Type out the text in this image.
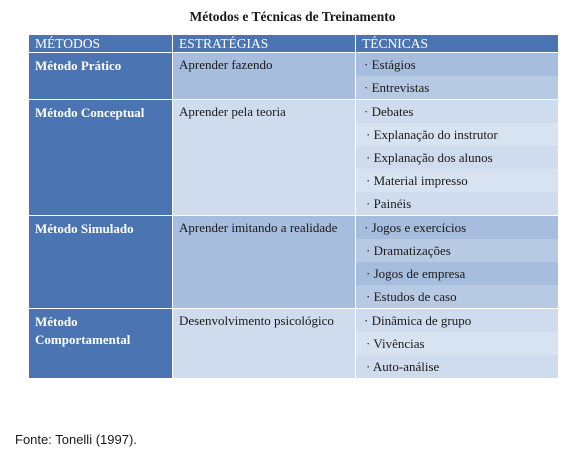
Métodos e Técnicas de Treinamento
MÉTODOS	ESTRATÉGIAS	TÉCNICAS
Método Prático	Aprender fazendo	· Estágios
· Entrevistas

Método Conceptual	Aprender pela teoria	· Debates
· Explanação do instrutor
· Explanação dos alunos
· Material impresso
· Painéis

Método Simulado	Aprender imitando a realidade	· Jogos e exercícios
· Dramatizações
· Jogos de empresa
· Estudos de caso

Método Comportamental	Desenvolvimento psicológico	· Dinâmica de grupo
· Vivências
· Auto-análise
Fonte: Tonelli (1997).
